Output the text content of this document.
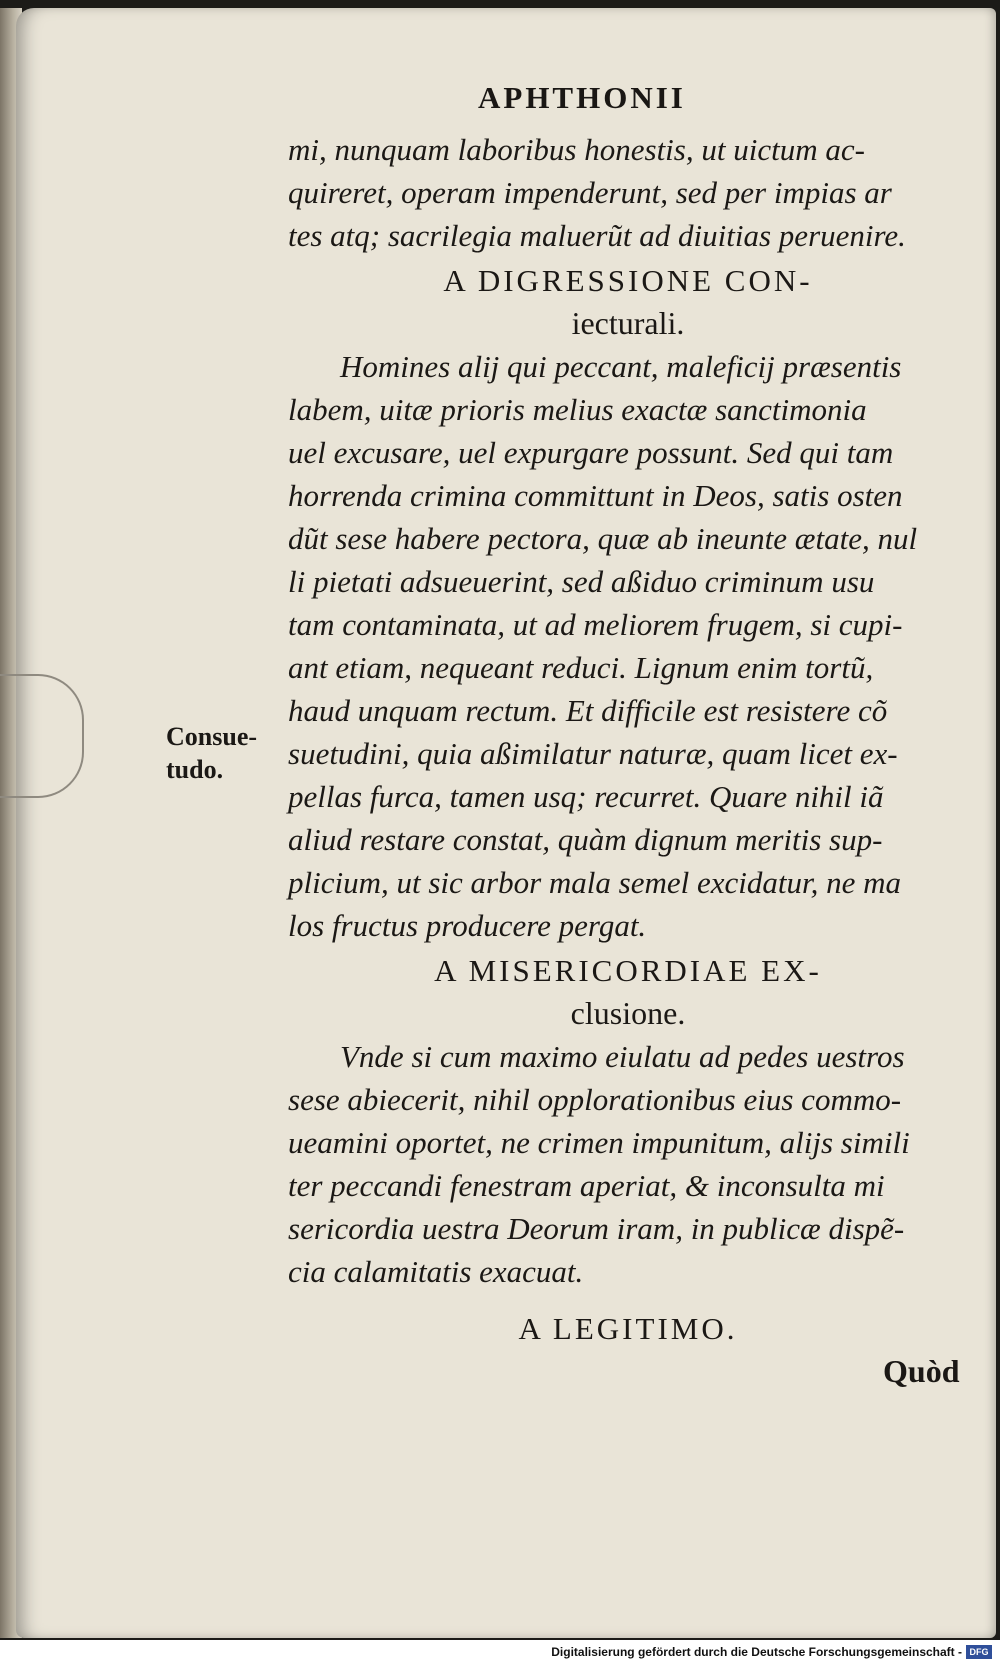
APHTHONII
mi, nunquam laboribus honestis, ut uictum ac-
quireret, operam impenderunt, sed per impias ar
tes atq; sacrilegia maluerũt ad diuitias peruenire.
A DIGRESSIONE CON-
iecturali.
Homines alij qui peccant, maleficij præsentis
labem, uitæ prioris melius exactæ sanctimonia
uel excusare, uel expurgare possunt. Sed qui tam
horrenda crimina committunt in Deos, satis osten
dũt sese habere pectora, quæ ab ineunte ætate, nul
li pietati adsueuerint, sed aßiduo criminum usu
tam contaminata, ut ad meliorem frugem, si cupi-
ant etiam, nequeant reduci. Lignum enim tortũ,
haud unquam rectum. Et difficile est resistere cõ
suetudini, quia aßimilatur naturæ, quam licet ex-
pellas furca, tamen usq; recurret. Quare nihil iã
aliud restare constat, quàm dignum meritis sup-
plicium, ut sic arbor mala semel excidatur, ne ma
los fructus producere pergat.
A MISERICORDIAE EX-
clusione.
Vnde si cum maximo eiulatu ad pedes uestros
sese abiecerit, nihil opplorationibus eius commo-
ueamini oportet, ne crimen impunitum, alijs simili
ter peccandi fenestram aperiat, & inconsulta mi
sericordia uestra Deorum iram, in publicæ dispẽ-
cia calamitatis exacuat.
A LEGITIMO.
Consue-
tudo.
Quòd
Digitalisierung gefördert durch die Deutsche Forschungsgemeinschaft - DFG
